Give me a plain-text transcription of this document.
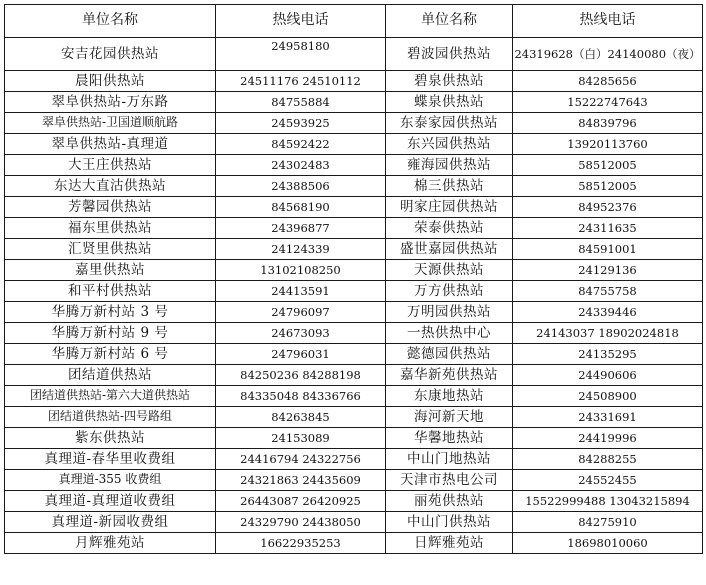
单位名称	热线电话	单位名称	热线电话
安吉花园供热站	24958180	碧波园供热站	24319628（白）24140080（夜）
晨阳供热站	24511176 24510112	碧泉供热站	84285656
翠阜供热站-万东路	84755884	蝶泉供热站	15222747643
翠阜供热站-卫国道顺航路	24593925	东泰家园供热站	84839796
翠阜供热站-真理道	84592422	东兴园供热站	13920113760
大王庄供热站	24302483	雍海园供热站	58512005
东达大直沽供热站	24388506	棉三供热站	58512005
芳馨园供热站	84568190	明家庄园供热站	84952376
福东里供热站	24396877	荣泰供热站	24311635
汇贤里供热站	24124339	盛世嘉园供热站	84591001
嘉里供热站	13102108250	天源供热站	24129136
和平村供热站	24413591	万方供热站	84755758
华腾万新村站 3 号	24796097	万明园供热站	24339446
华腾万新村站 9 号	24673093	一热供热中心	24143037 18902024818
华腾万新村站 6 号	24796031	懿德园供热站	24135295
团结道供热站	84250236 84288198	嘉华新苑供热站	24490606
团结道供热站-第六大道供热站	84335048 84336766	东康地热站	24508900
团结道供热站-四号路组	84263845	海河新天地	24331691
紫东供热站	24153089	华馨地热站	24419996
真理道-春华里收费组	24416794 24322756	中山门地热站	84288255
真理道-355 收费组	24321863 24435609	天津市热电公司	24552455
真理道-真理道收费组	26443087 26420925	丽苑供热站	15522999488 13043215894
真理道-新园收费组	24329790 24438050	中山门供热站	84275910
月辉雅苑站	16622935253	日辉雅苑站	18698010060
